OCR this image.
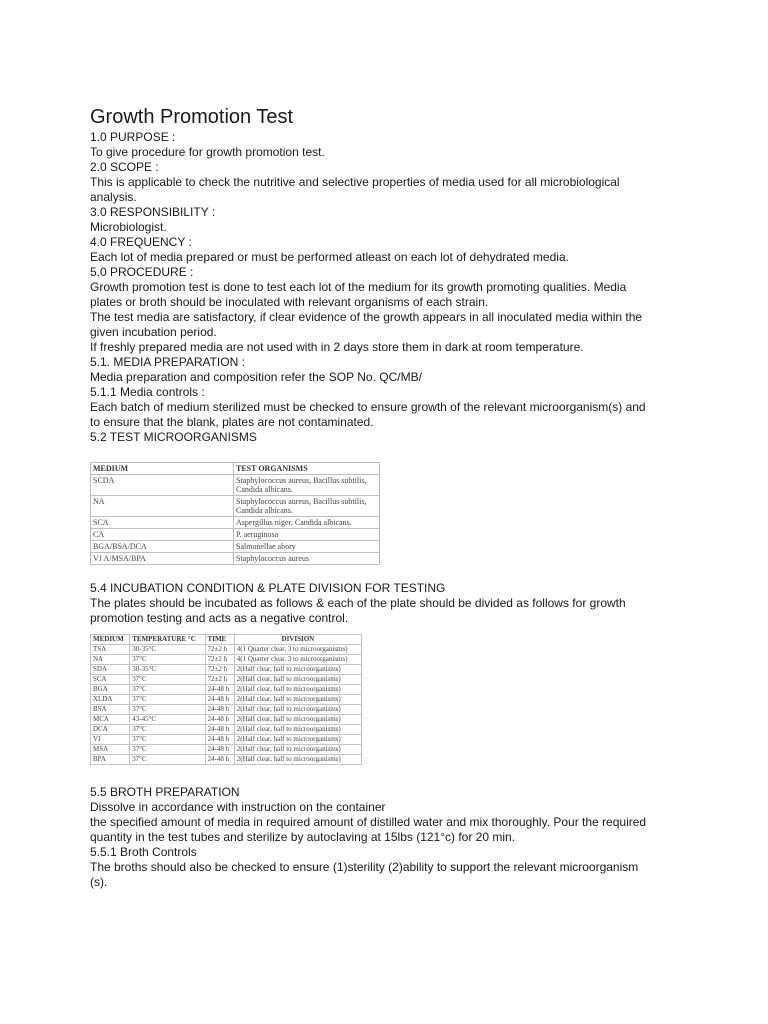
Growth Promotion Test

1.0 PURPOSE :

To give procedure for growth promotion test.

2.0 SCOPE :

This is applicable to check the nutritive and selective properties of media used for all microbiological

analysis.

3.0 RESPONSIBILITY :

Microbiologist.

4.0 FREQUENCY :

Each lot of media prepared or must be performed atleast on each lot of dehydrated media.

5.0 PROCEDURE :

Growth promotion test is done to test each lot of the medium for its growth promoting qualities. Media

plates or broth should be inoculated with relevant organisms of each strain.

The test media are satisfactory, if clear evidence of the growth appears in all inoculated media within the

given incubation period.

If freshly prepared media are not used with in 2 days store them in dark at room temperature.

5.1. MEDIA PREPARATION :

Media preparation and composition refer the SOP No. QC/MB/

5.1.1 Media controls :

Each batch of medium sterilized must be checked to ensure growth of the relevant microorganism(s) and

to ensure that the blank, plates are not contaminated.

5.2 TEST MICROORGANISMS

MEDIUM	TEST ORGANISMS
SCDA	Staphylococcus aureus, Bacillus subtilis, Candida albicans.
NA	Staphylococcus aureus, Bacillus subtilis, Candida albicans.
SCA	Aspergillus niger, Candida albicans.
CA	P. aeruginosa
BGA/BSA/DCA	Salmonellae abory
VJ A/MSA/BPA	Staphylococcus aureus

5.4 INCUBATION CONDITION & PLATE DIVISION FOR TESTING

The plates should be incubated as follows & each of the plate should be divided as follows for growth

promotion testing and acts as a negative control.

MEDIUM	TEMPERATURE °C	TIME	DIVISION
TSA	30-35°C	72±2 h	4(1 Quarter clear, 3 to microorganisms)
NA	37°C	72±2 h	4(1 Quarter clear, 3 to microorganisms)
SDA	30-35°C	72±2 h	2(Half clear, half to microorganisms)
SCA	37°C	72±2 h	2(Half clear, half to microorganisms)
BGA	37°C	24-48 h	2(Half clear, half to microorganisms)
XLDA	37°C	24-48 h	2(Half clear, half to microorganisms)
BSA	37°C	24-48 h	2(Half clear, half to microorganisms)
MCA	43-45°C	24-48 h	2(Half clear, half to microorganisms)
DCA	37°C	24-48 h	2(Half clear, half to microorganisms)
VJ	37°C	24-48 h	2(Half clear, half to microorganisms)
MSA	37°C	24-48 h	2(Half clear, half to microorganisms)
BPA	37°C	24-48 h	2(Half clear, half to microorganisms)

5.5 BROTH PREPARATION

Dissolve in accordance with instruction on the container

the specified amount of media in required amount of distilled water and mix thoroughly. Pour the required

quantity in the test tubes and sterilize by autoclaving at 15lbs (121°c) for 20 min.

5.5.1 Broth Controls

The broths should also be checked to ensure (1)sterility (2)ability to support the relevant microorganism

(s).
